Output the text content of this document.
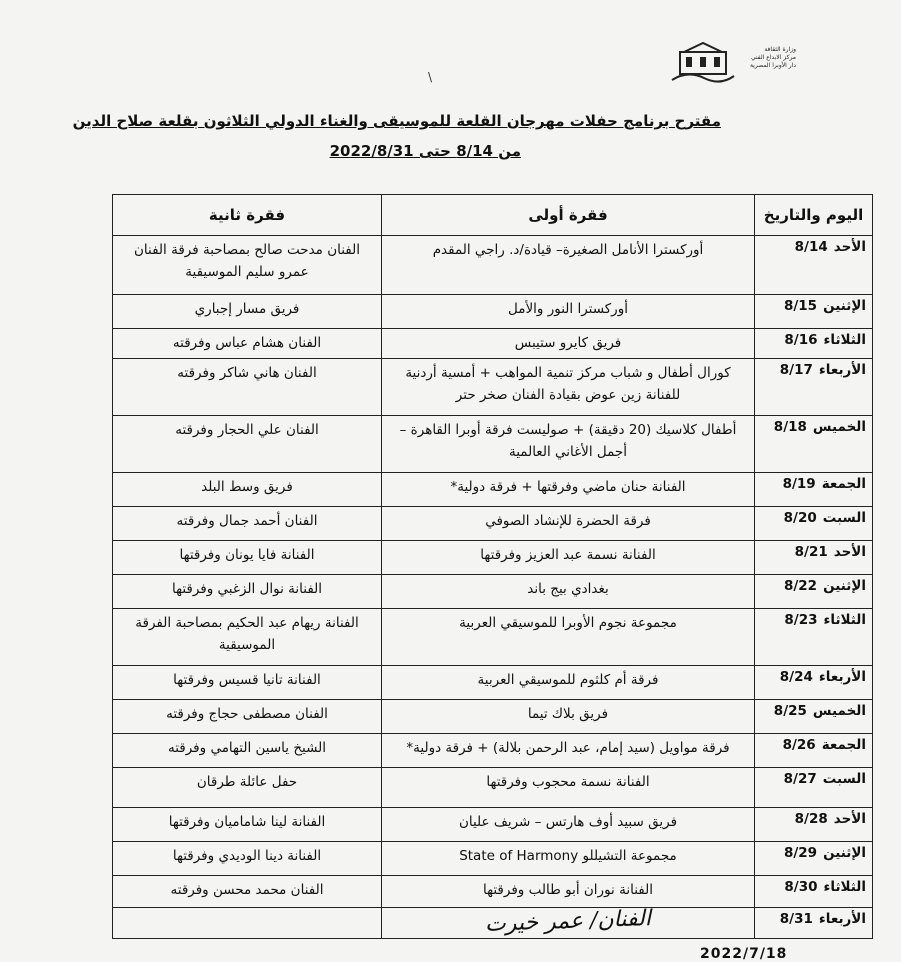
وزارة الثقافة
مركز الابداع الفني
دار الأوبرا المصرية
\
مقترح برنامج حفلات مهرجان القلعة للموسيقى والغناء الدولي الثلاثون بقلعة صلاح الدين
من 8/14 حتى 2022/8/31
اليوم والتاريخ	فقرة أولى	فقرة ثانية
الأحد8/14	أوركسترا الأنامل الصغيرة– قيادة/د. راجي المقدم	الفنان مدحت صالح بمصاحبة فرقة الفنان عمرو سليم الموسيقية
الإثنين8/15	أوركسترا النور والأمل	فريق مسار إجباري
الثلاثاء8/16	فريق كايرو ستيبس	الفنان هشام عباس وفرقته
الأربعاء8/17	كورال أطفال و شباب مركز تنمية المواهب + أمسية أردنية للفنانة زين عوض بقيادة الفنان صخر حتر	الفنان هاني شاكر وفرقته
الخميس8/18	أطفال كلاسيك (20 دقيقة) + صوليست فرقة أوبرا القاهرة – أجمل الأغاني العالمية	الفنان علي الحجار وفرقته
الجمعة8/19	الفنانة حنان ماضي وفرقتها + فرقة دولية*	فريق وسط البلد
السبت8/20	فرقة الحضرة للإنشاد الصوفي	الفنان أحمد جمال وفرقته
الأحد8/21	الفنانة نسمة عبد العزيز وفرقتها	الفنانة فايا يونان وفرقتها
الإثنين8/22	بغدادي بيج باند	الفنانة نوال الزغبي وفرقتها
الثلاثاء8/23	مجموعة نجوم الأوبرا للموسيقي العربية	الفنانة ريهام عبد الحكيم بمصاحبة الفرقة الموسيقية
الأربعاء8/24	فرقة أم كلثوم للموسيقي العربية	الفنانة تانيا قسيس وفرقتها
الخميس8/25	فريق بلاك تيما	الفنان مصطفى حجاج وفرقته
الجمعة8/26	فرقة مواويل (سيد إمام، عبد الرحمن بلالة) + فرقة دولية*	الشيخ ياسين التهامي وفرقته
السبت8/27	الفنانة نسمة محجوب وفرقتها	حفل عائلة طرقان
الأحد8/28	فريق سبيد أوف هارتس – شريف عليان	الفنانة لينا شاماميان وفرقتها
الإثنين8/29	مجموعة التشيللو State of Harmony	الفنانة دينا الوديدي وفرقتها
الثلاثاء8/30	الفنانة نوران أبو طالب وفرقتها	الفنان محمد محسن وفرقته
الأربعاء8/31	الفنان/ عمر خيرت	
2022/7/18
